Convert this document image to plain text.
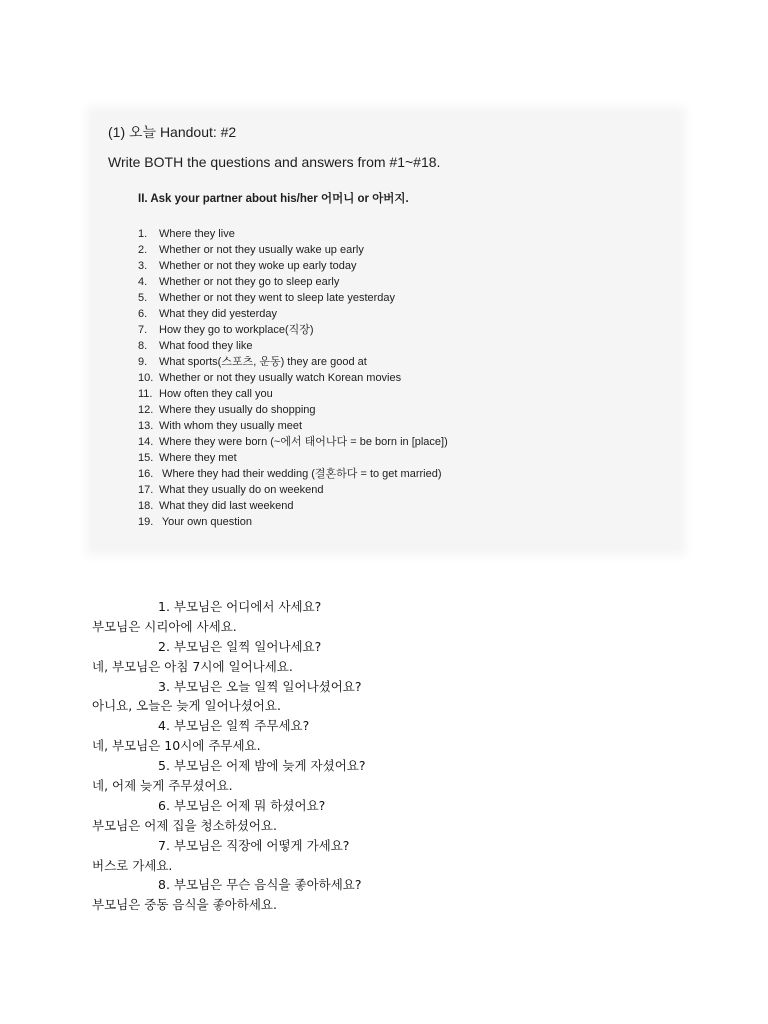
(1) 오늘 Handout: #2

Write BOTH the questions and answers from #1~#18.

II. Ask your partner about his/her 어머니 or 아버지.

1. Where they live
2. Whether or not they usually wake up early
3. Whether or not they woke up early today
4. Whether or not they go to sleep early
5. Whether or not they went to sleep late yesterday
6. What they did yesterday
7. How they go to workplace(직장)
8. What food they like
9. What sports(스포츠, 운동) they are good at
10. Whether or not they usually watch Korean movies
11. How often they call you
12. Where they usually do shopping
13. With whom they usually meet
14. Where they were born (~에서 태어나다 = be born in [place])
15. Where they met
16. Where they had their wedding (결혼하다 = to get married)
17. What they usually do on weekend
18. What they did last weekend
19. Your own question
1. 부모님은 어디에서 사세요?
부모님은 시리아에 사세요.
2. 부모님은 일찍 일어나세요?
네, 부모님은 아침 7시에 일어나세요.
3. 부모님은 오늘 일찍 일어나셨어요?
아니요, 오늘은 늦게 일어나셨어요.
4. 부모님은 일찍 주무세요?
네, 부모님은 10시에 주무세요.
5. 부모님은 어제 밤에 늦게 자셨어요?
네, 어제 늦게 주무셨어요.
6. 부모님은 어제 뭐 하셨어요?
부모님은 어제 집을 청소하셨어요.
7. 부모님은 직장에 어떻게 가세요?
버스로 가세요.
8. 부모님은 무슨 음식을 좋아하세요?
부모님은 중동 음식을 좋아하세요.
